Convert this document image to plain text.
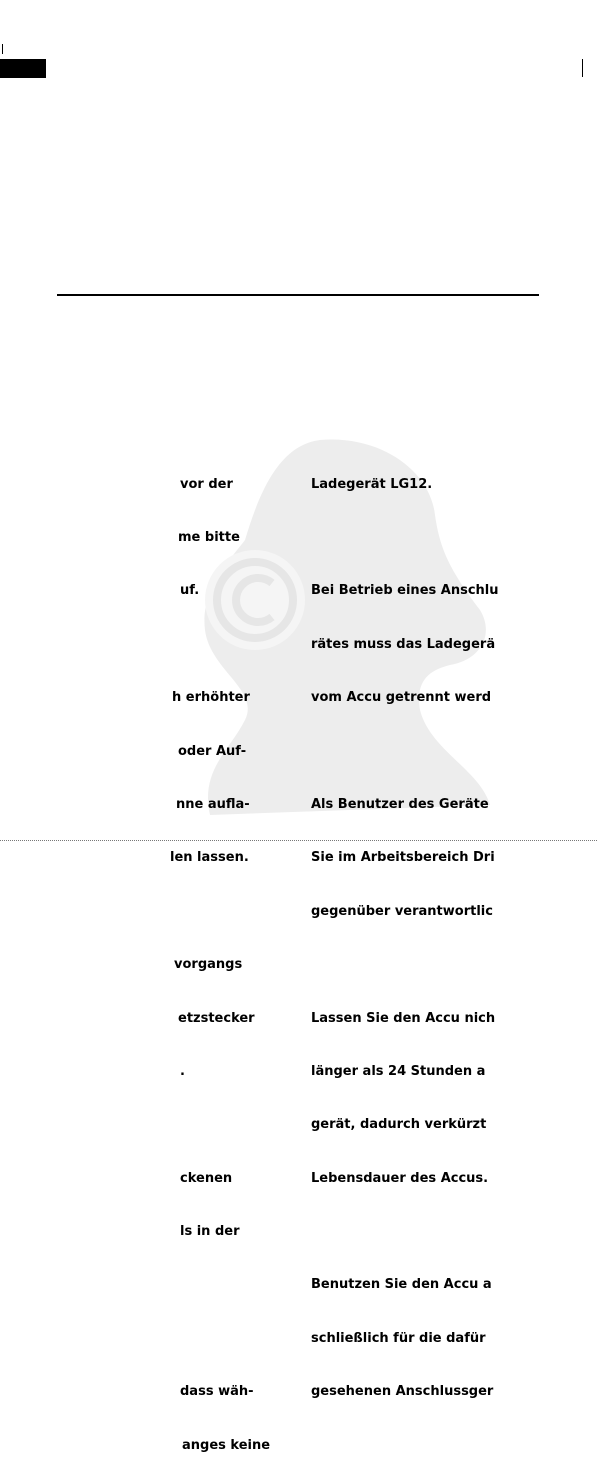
vor der

me bitte

uf.

h erhöhter

oder Auf-

nne aufla-

len lassen.

vorgangs

etzstecker

.

ckenen

ls in der

dass wäh-

anges keine

Ladegerät LG12.

Bei Betrieb eines Anschlu

rätes muss das Ladegerä

vom Accu getrennt werd

Als Benutzer des Geräte

Sie im Arbeitsbereich Dri

gegenüber verantwortlic

Lassen Sie den Accu nich

länger als 24 Stunden a

gerät, dadurch verkürzt

Lebensdauer des Accus.

Benutzen Sie den Accu a

schließlich für die dafür

gesehenen Anschlussger
